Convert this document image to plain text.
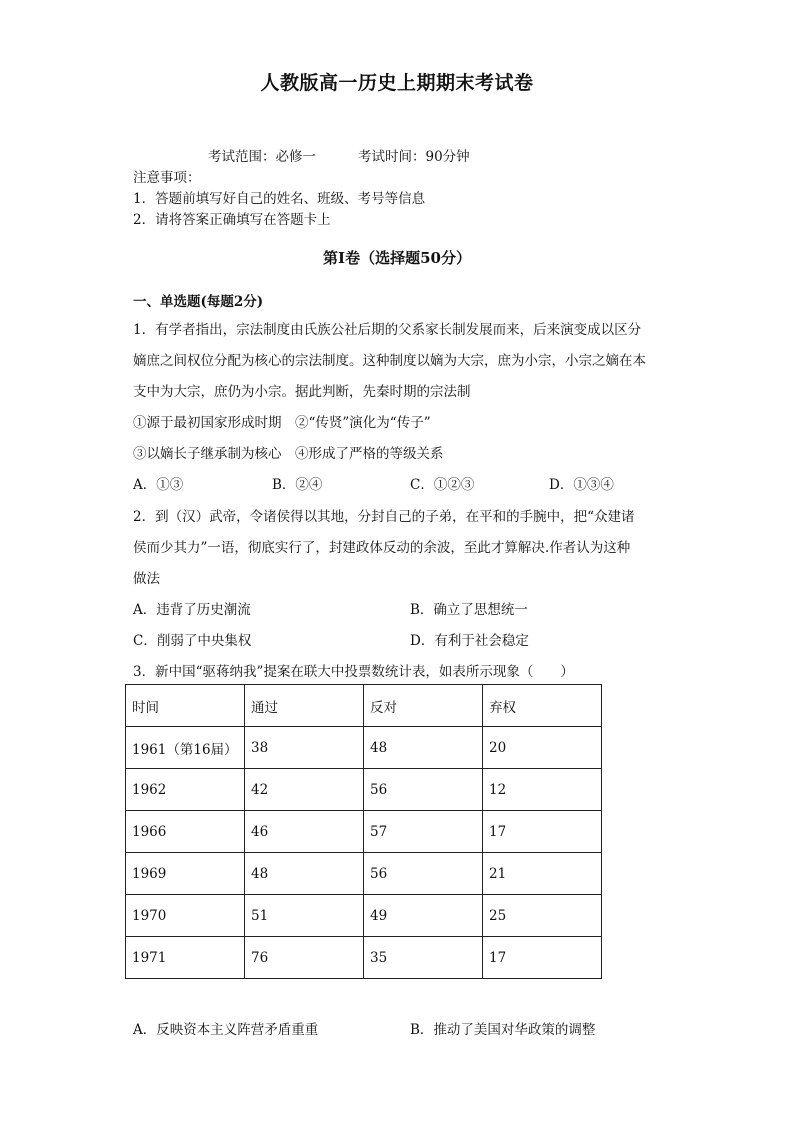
人教版高一历史上期期末考试卷
考试范围：必修一	考试时间：90分钟
注意事项：
1．答题前填写好自己的姓名、班级、考号等信息
2．请将答案正确填写在答题卡上
第I卷（选择题50分）
一、单选题(每题2分)
1．有学者指出，宗法制度由氏族公社后期的父系家长制发展而来，后来演变成以区分
嫡庶之间权位分配为核心的宗法制度。这种制度以嫡为大宗，庶为小宗，小宗之嫡在本
支中为大宗，庶仍为小宗。据此判断，先秦时期的宗法制
①源于最初国家形成时期　②“传贤”演化为“传子”
③以嫡长子继承制为核心　④形成了严格的等级关系
A．①③	B．②④	C．①②③	D．①③④
2．到（汉）武帝，令诸侯得以其地，分封自己的子弟，在平和的手腕中，把“众建诸
侯而少其力”一语，彻底实行了，封建政体反动的余波，至此才算解决.作者认为这种
做法
A．违背了历史潮流	B．确立了思想统一
C．削弱了中央集权	D．有利于社会稳定
3．新中国“驱蒋纳我”提案在联大中投票数统计表，如表所示现象（　　）
时间	通过	反对	弃权
1961（第16届）	38	48	20
1962	42	56	12
1966	46	57	17
1969	48	56	21
1970	51	49	25
1971	76	35	17
A．反映资本主义阵营矛盾重重	B．推动了美国对华政策的调整
